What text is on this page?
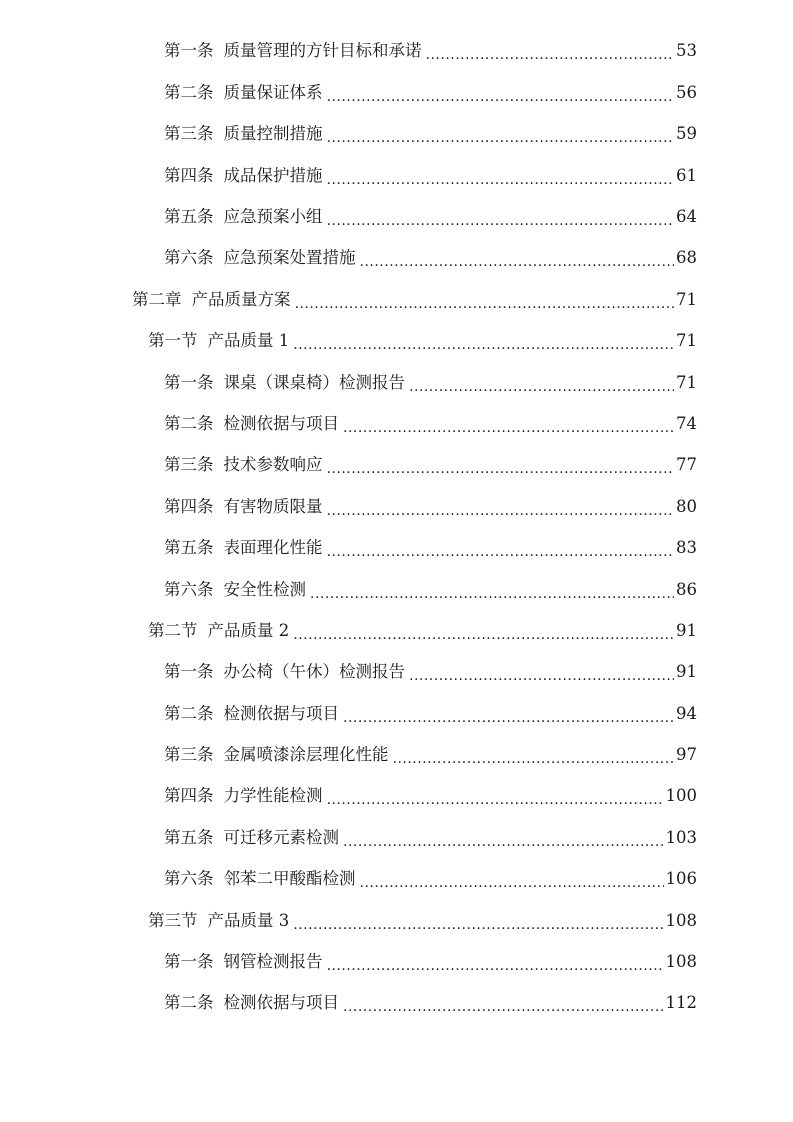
第一条 质量管理的方针目标和承诺 .....	53
第二条 质量保证体系 .....	56
第三条 质量控制措施 .....	59
第四条 成品保护措施 .....	61
第五条 应急预案小组 .....	64
第六条 应急预案处置措施 .....	68
第二章 产品质量方案 .....	71
第一节 产品质量 1 .....	71
第一条 课桌（课桌椅）检测报告 .....	71
第二条 检测依据与项目 .....	74
第三条 技术参数响应 .....	77
第四条 有害物质限量 .....	80
第五条 表面理化性能 .....	83
第六条 安全性检测 .....	86
第二节 产品质量 2 .....	91
第一条 办公椅（午休）检测报告 .....	91
第二条 检测依据与项目 .....	94
第三条 金属喷漆涂层理化性能 .....	97
第四条 力学性能检测 .....	100
第五条 可迁移元素检测 .....	103
第六条 邻苯二甲酸酯检测 .....	106
第三节 产品质量 3 .....	108
第一条 钢管检测报告 .....	108
第二条 检测依据与项目 .....	112
